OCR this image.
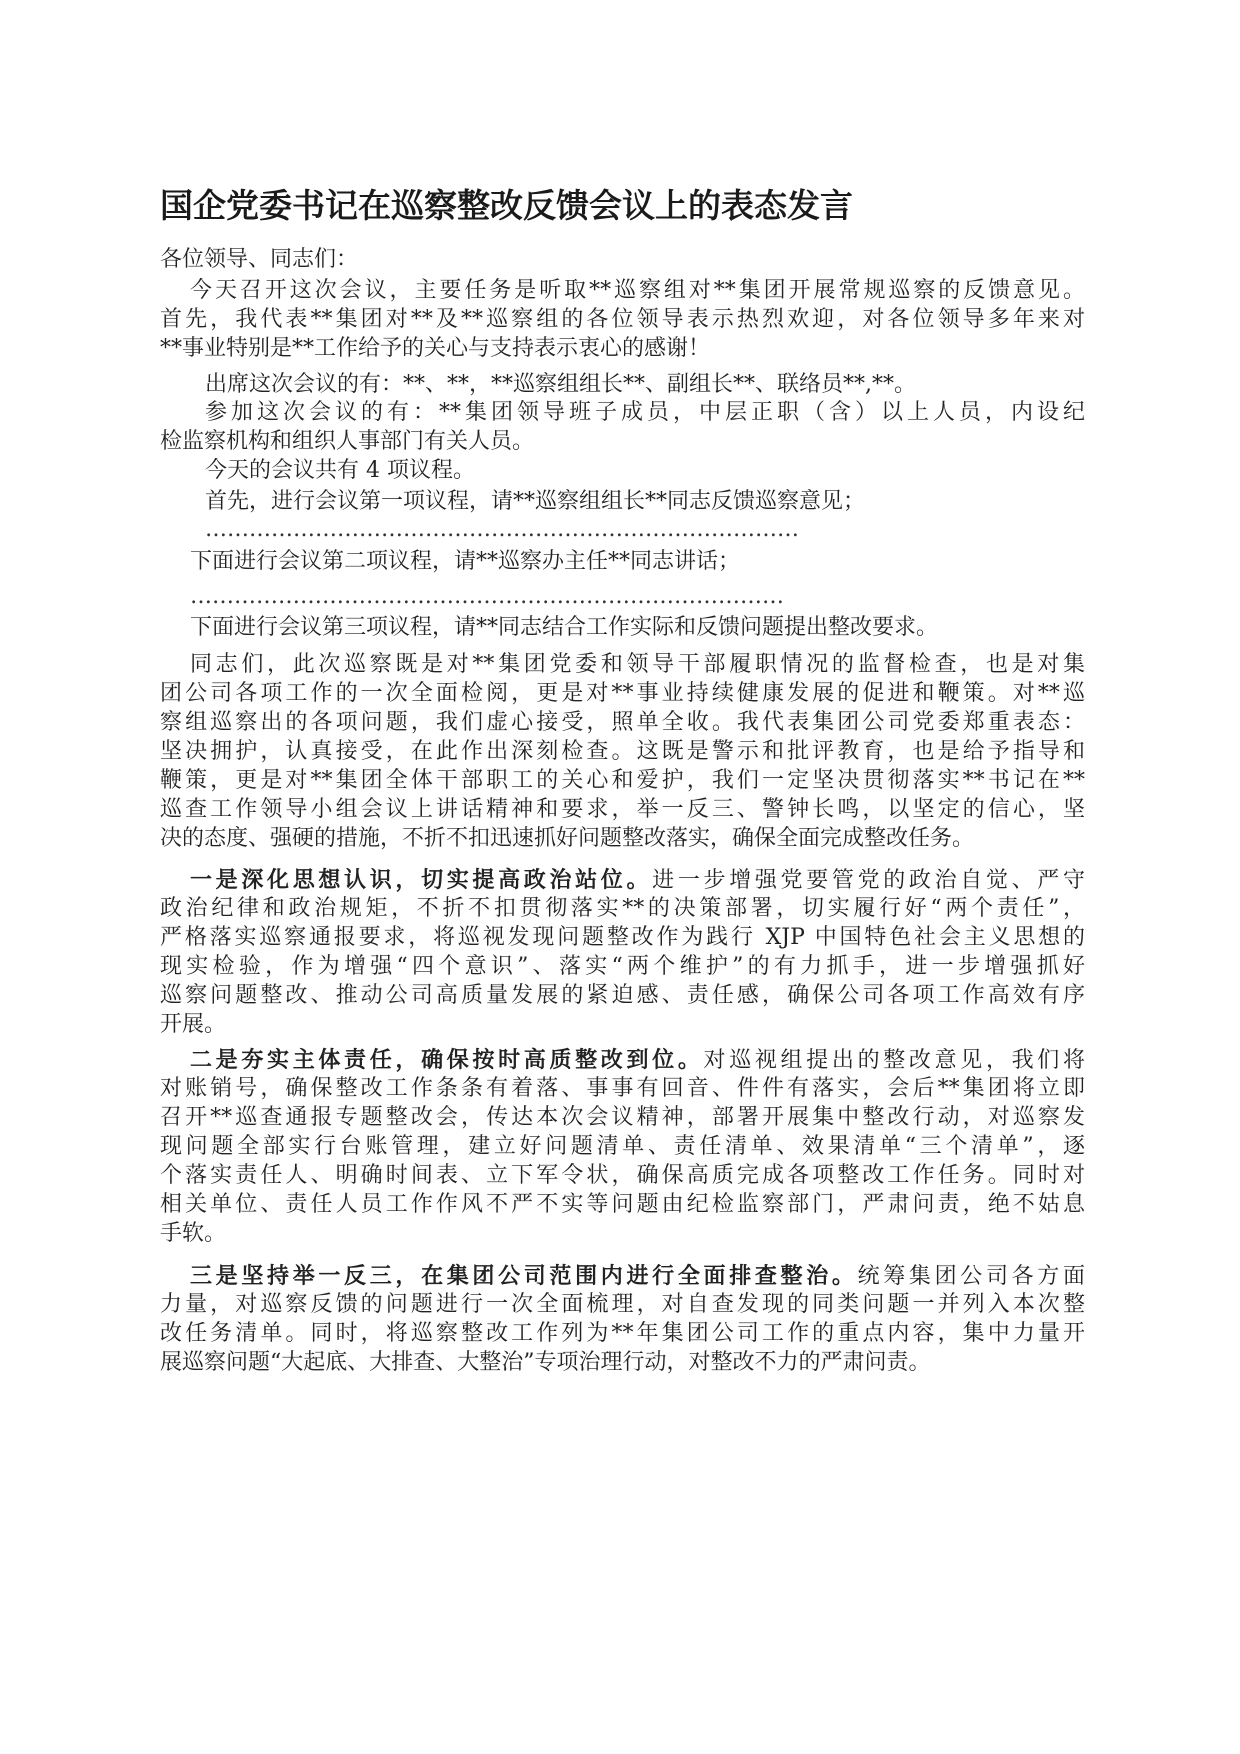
国企党委书记在巡察整改反馈会议上的表态发言
各位领导、同志们：
今天召开这次会议，主要任务是听取**巡察组对**集团开展常规巡察的反馈意见。
首先，我代表**集团对**及**巡察组的各位领导表示热烈欢迎，对各位领导多年来对
**事业特别是**工作给予的关心与支持表示衷心的感谢！
出席这次会议的有：**、**，**巡察组组长**、副组长**、联络员**,**。
参加这次会议的有：**集团领导班子成员，中层正职（含）以上人员，内设纪
检监察机构和组织人事部门有关人员。
今天的会议共有 4 项议程。
首先，进行会议第一项议程，请**巡察组组长**同志反馈巡察意见；
………………………………………………………………………
下面进行会议第二项议程，请**巡察办主任**同志讲话；
………………………………………………………………………
下面进行会议第三项议程，请**同志结合工作实际和反馈问题提出整改要求。
同志们，此次巡察既是对**集团党委和领导干部履职情况的监督检查，也是对集
团公司各项工作的一次全面检阅，更是对**事业持续健康发展的促进和鞭策。对**巡
察组巡察出的各项问题，我们虚心接受，照单全收。我代表集团公司党委郑重表态：
坚决拥护，认真接受，在此作出深刻检查。这既是警示和批评教育，也是给予指导和
鞭策，更是对**集团全体干部职工的关心和爱护，我们一定坚决贯彻落实**书记在**
巡查工作领导小组会议上讲话精神和要求，举一反三、警钟长鸣，以坚定的信心，坚
决的态度、强硬的措施，不折不扣迅速抓好问题整改落实，确保全面完成整改任务。
一是深化思想认识，切实提高政治站位。进一步增强党要管党的政治自觉、严守
政治纪律和政治规矩，不折不扣贯彻落实**的决策部署，切实履行好“两个责任”，
严格落实巡察通报要求，将巡视发现问题整改作为践行 XJP 中国特色社会主义思想的
现实检验，作为增强“四个意识”、落实“两个维护”的有力抓手，进一步增强抓好
巡察问题整改、推动公司高质量发展的紧迫感、责任感，确保公司各项工作高效有序
开展。
二是夯实主体责任，确保按时高质整改到位。对巡视组提出的整改意见，我们将
对账销号，确保整改工作条条有着落、事事有回音、件件有落实，会后**集团将立即
召开**巡查通报专题整改会，传达本次会议精神，部署开展集中整改行动，对巡察发
现问题全部实行台账管理，建立好问题清单、责任清单、效果清单“三个清单”，逐
个落实责任人、明确时间表、立下军令状，确保高质完成各项整改工作任务。同时对
相关单位、责任人员工作作风不严不实等问题由纪检监察部门，严肃问责，绝不姑息
手软。
三是坚持举一反三，在集团公司范围内进行全面排查整治。统筹集团公司各方面
力量，对巡察反馈的问题进行一次全面梳理，对自查发现的同类问题一并列入本次整
改任务清单。同时，将巡察整改工作列为**年集团公司工作的重点内容，集中力量开
展巡察问题“大起底、大排查、大整治”专项治理行动，对整改不力的严肃问责。
